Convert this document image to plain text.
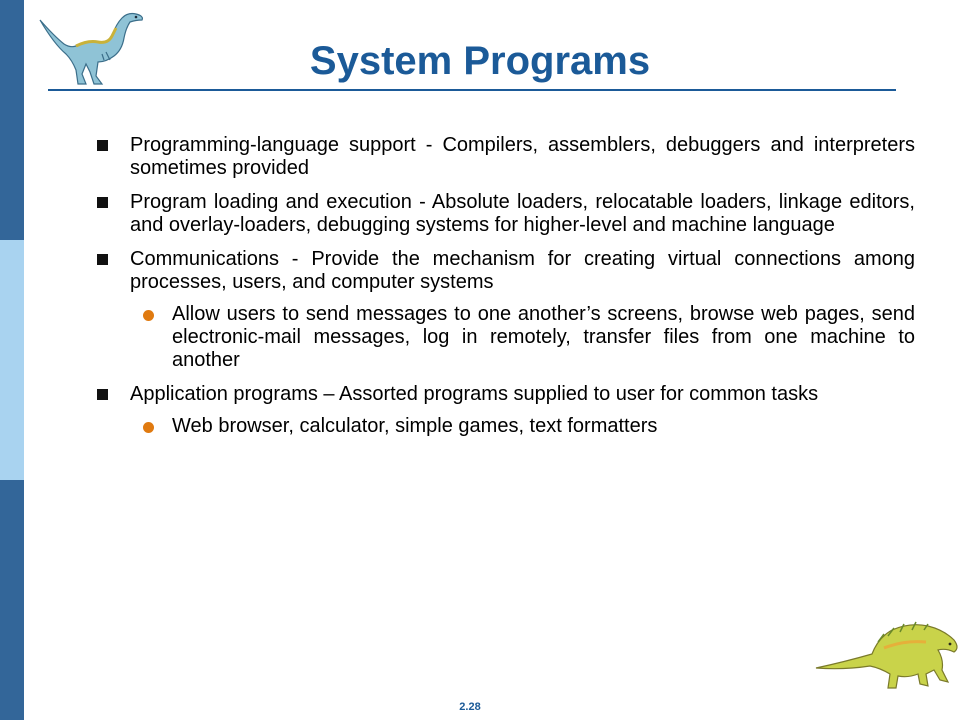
System Programs
Programming-language support - Compilers, assemblers, debuggers and interpreters sometimes provided
Program loading and execution - Absolute loaders, relocatable loaders, linkage editors, and overlay-loaders, debugging systems for higher-level and machine language
Communications - Provide the mechanism for creating virtual connections among processes, users, and computer systems
Allow users to send messages to one another’s screens, browse web pages, send electronic-mail messages, log in remotely, transfer files from one machine to another
Application programs – Assorted programs supplied to user for common tasks
Web browser, calculator, simple games, text formatters
2.28
